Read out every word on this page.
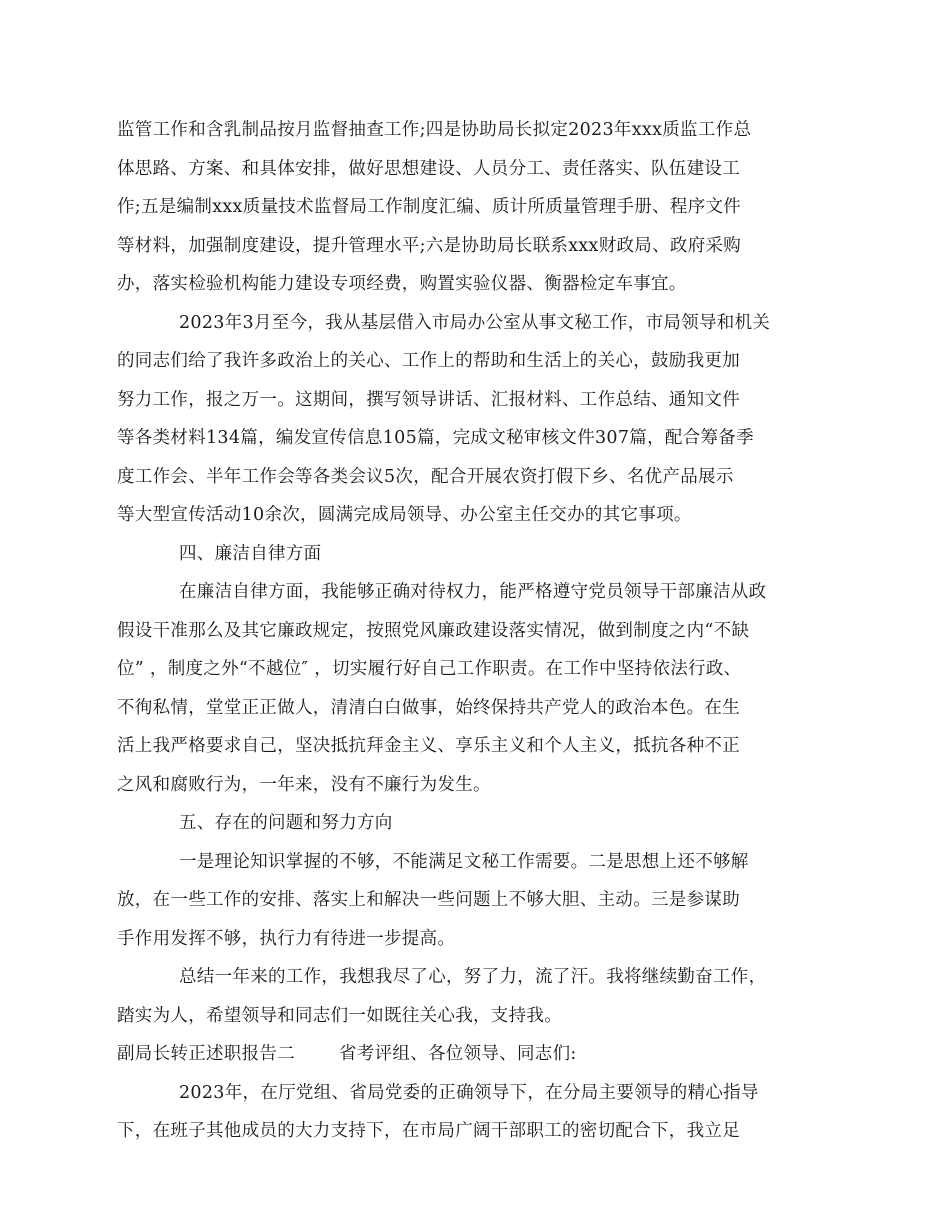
监管工作和含乳制品按月监督抽查工作;四是协助局长拟定2023年xxx质监工作总
体思路、方案、和具体安排，做好思想建设、人员分工、责任落实、队伍建设工
作;五是编制xxx质量技术监督局工作制度汇编、质计所质量管理手册、程序文件
等材料，加强制度建设，提升管理水平;六是协助局长联系xxx财政局、政府采购
办，落实检验机构能力建设专项经费，购置实验仪器、衡器检定车事宜。
2023年3月至今，我从基层借入市局办公室从事文秘工作，市局领导和机关
的同志们给了我许多政治上的关心、工作上的帮助和生活上的关心，鼓励我更加
努力工作，报之万一。这期间，撰写领导讲话、汇报材料、工作总结、通知文件
等各类材料134篇，编发宣传信息105篇，完成文秘审核文件307篇，配合筹备季
度工作会、半年工作会等各类会议5次，配合开展农资打假下乡、名优产品展示
等大型宣传活动10余次，圆满完成局领导、办公室主任交办的其它事项。
四、廉洁自律方面
在廉洁自律方面，我能够正确对待权力，能严格遵守党员领导干部廉洁从政
假设干准那么及其它廉政规定，按照党风廉政建设落实情况，做到制度之内“不缺
位” ，制度之外“不越位″ ，切实履行好自己工作职责。在工作中坚持依法行政、
不徇私情，堂堂正正做人，清清白白做事，始终保持共产党人的政治本色。在生
活上我严格要求自己，坚决抵抗拜金主义、享乐主义和个人主义，抵抗各种不正
之风和腐败行为，一年来，没有不廉行为发生。
五、存在的问题和努力方向
一是理论知识掌握的不够，不能满足文秘工作需要。二是思想上还不够解
放，在一些工作的安排、落实上和解决一些问题上不够大胆、主动。三是参谋助
手作用发挥不够，执行力有待进一步提高。
总结一年来的工作，我想我尽了心，努了力，流了汗。我将继续勤奋工作，
踏实为人，希望领导和同志们一如既往关心我，支持我。
副局长转正述职报告二	省考评组、各位领导、同志们:
2023年，在厅党组、省局党委的正确领导下，在分局主要领导的精心指导
下，在班子其他成员的大力支持下，在市局广阔干部职工的密切配合下，我立足
